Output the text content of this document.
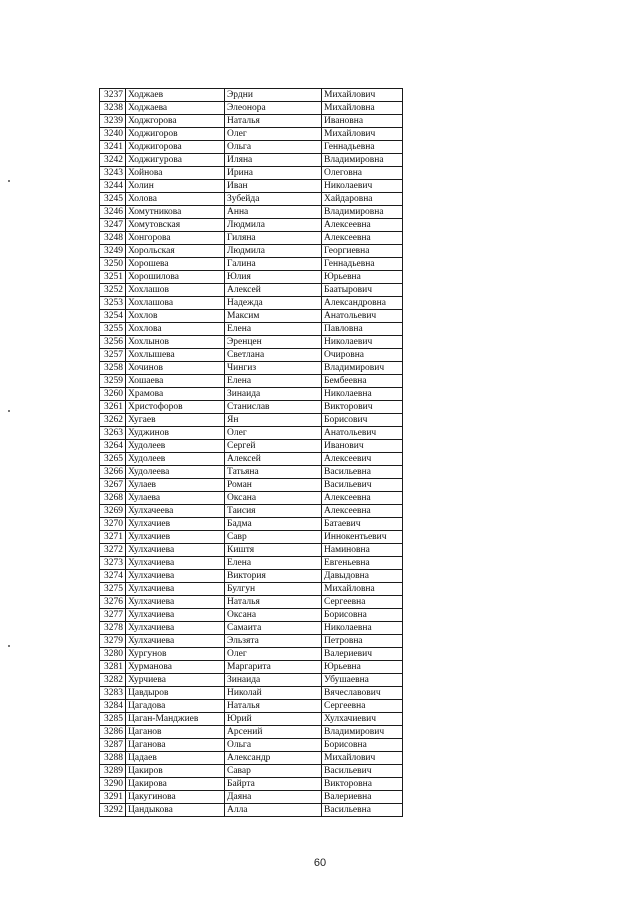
3237	Ходжаев	Эрдни	Михайлович
3238	Ходжаева	Элеонора	Михайловна
3239	Ходжгорова	Наталья	Ивановна
3240	Ходжигоров	Олег	Михайлович
3241	Ходжигорова	Ольга	Геннадьевна
3242	Ходжигурова	Иляна	Владимировна
3243	Хойнова	Ирина	Олеговна
3244	Холин	Иван	Николаевич
3245	Холова	Зубейда	Хайдаровна
3246	Хомутникова	Анна	Владимировна
3247	Хомутовская	Людмила	Алексеевна
3248	Хонгорова	Гиляна	Алексеевна
3249	Хорольская	Людмила	Георгиевна
3250	Хорошева	Галина	Геннадьевна
3251	Хорошилова	Юлия	Юрьевна
3252	Хохлашов	Алексей	Баатырович
3253	Хохлашова	Надежда	Александровна
3254	Хохлов	Максим	Анатольевич
3255	Хохлова	Елена	Павловна
3256	Хохлынов	Эренцен	Николаевич
3257	Хохлышева	Светлана	Очировна
3258	Хочинов	Чингиз	Владимирович
3259	Хошаева	Елена	Бембеевна
3260	Храмова	Зинаида	Николаевна
3261	Христофоров	Станислав	Викторович
3262	Хугаев	Ян	Борисович
3263	Худжинов	Олег	Анатольевич
3264	Худолеев	Сергей	Иванович
3265	Худолеев	Алексей	Алексеевич
3266	Худолеева	Татьяна	Васильевна
3267	Хулаев	Роман	Васильевич
3268	Хулаева	Оксана	Алексеевна
3269	Хулхачеева	Таисия	Алексеевна
3270	Хулхачиев	Бадма	Батаевич
3271	Хулхачиев	Савр	Иннокентьевич
3272	Хулхачиева	Киштя	Наминовна
3273	Хулхачиева	Елена	Евгеньевна
3274	Хулхачиева	Виктория	Давыдовна
3275	Хулхачиева	Булгун	Михайловна
3276	Хулхачиева	Наталья	Сергеевна
3277	Хулхачиева	Оксана	Борисовна
3278	Хулхачиева	Самаита	Николаевна
3279	Хулхачиева	Эльзята	Петровна
3280	Хургунов	Олег	Валериевич
3281	Хурманова	Маргарита	Юрьевна
3282	Хурчиева	Зинаида	Убушаевна
3283	Цавдыров	Николай	Вячеславович
3284	Цагадова	Наталья	Сергеевна
3285	Цаган-Манджиев	Юрий	Хулхачиевич
3286	Цаганов	Арсений	Владимирович
3287	Цаганова	Ольга	Борисовна
3288	Цадаев	Александр	Михайлович
3289	Цакиров	Савар	Васильевич
3290	Цакирова	Байрта	Викторовна
3291	Цакугинова	Даяна	Валериевна
3292	Цандыкова	Алла	Васильевна
60
